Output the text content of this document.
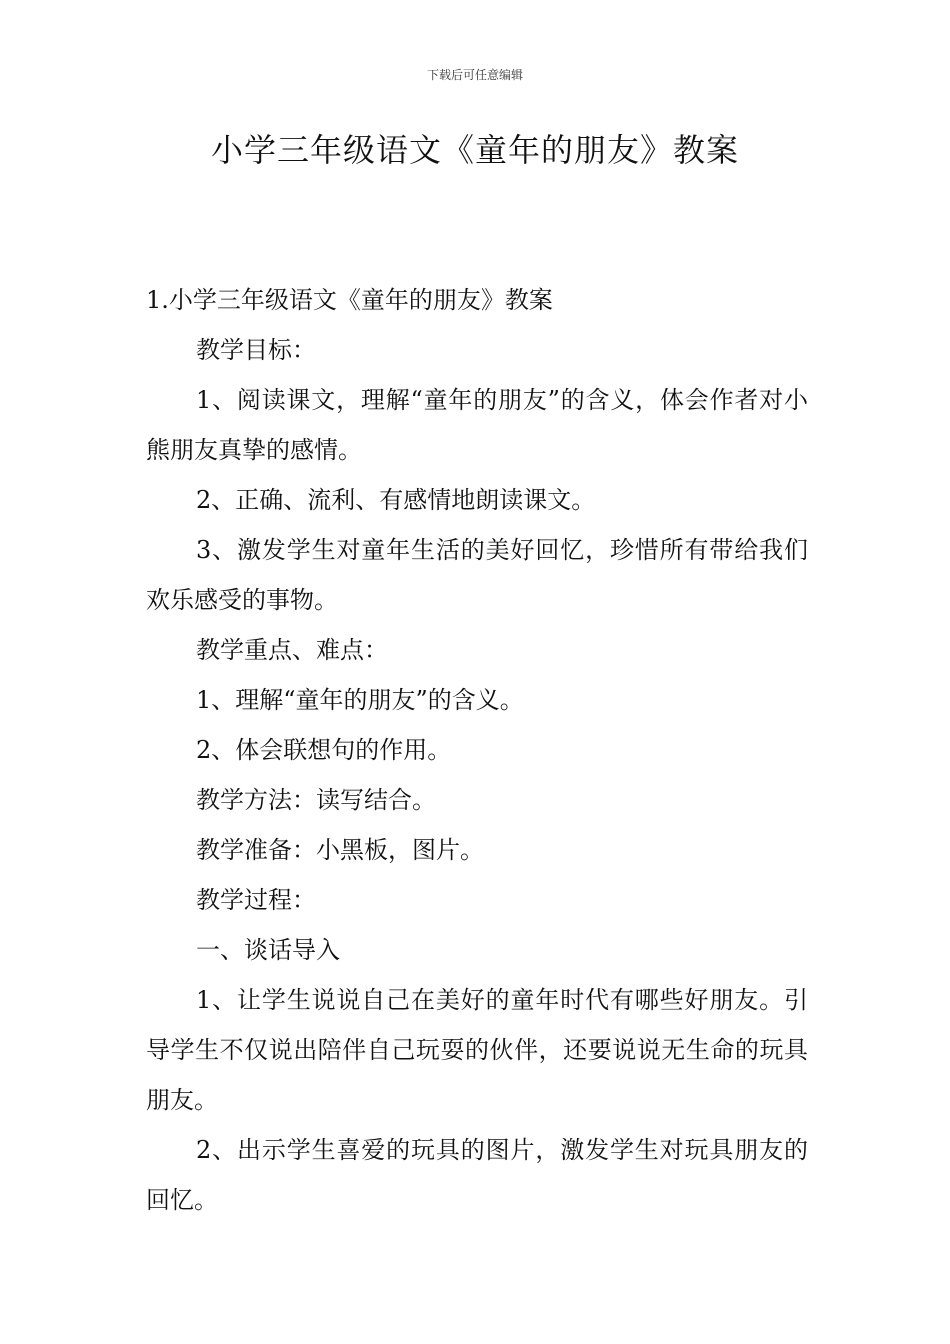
下载后可任意编辑
小学三年级语文《童年的朋友》教案

1.小学三年级语文《童年的朋友》教案

教学目标：

1、阅读课文，理解“童年的朋友”的含义，体会作者对小熊朋友真挚的感情。

2、正确、流利、有感情地朗读课文。

3、激发学生对童年生活的美好回忆，珍惜所有带给我们欢乐感受的事物。

教学重点、难点：

1、理解“童年的朋友”的含义。

2、体会联想句的作用。

教学方法：读写结合。

教学准备：小黑板，图片。

教学过程：

一、谈话导入

1、让学生说说自己在美好的童年时代有哪些好朋友。引导学生不仅说出陪伴自己玩耍的伙伴，还要说说无生命的玩具朋友。

2、出示学生喜爱的玩具的图片，激发学生对玩具朋友的回忆。
